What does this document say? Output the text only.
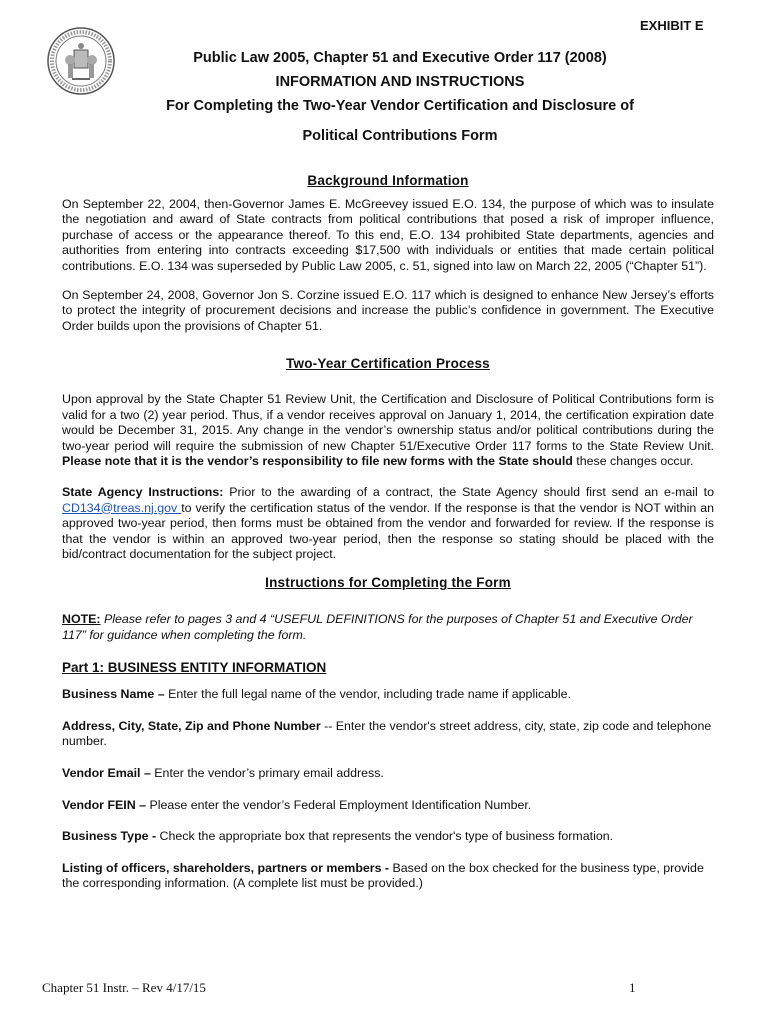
EXHIBIT E
Public Law 2005, Chapter 51 and Executive Order 117 (2008)
INFORMATION AND INSTRUCTIONS
For Completing the Two-Year Vendor Certification and Disclosure of
Political Contributions Form
Background Information

On September 22, 2004, then-Governor James E. McGreevey issued E.O. 134, the purpose of which was to insulate the negotiation and award of State contracts from political contributions that posed a risk of improper influence, purchase of access or the appearance thereof. To this end, E.O. 134 prohibited State departments, agencies and authorities from entering into contracts exceeding $17,500 with individuals or entities that made certain political contributions. E.O. 134 was superseded by Public Law 2005, c. 51, signed into law on March 22, 2005 (“Chapter 51”).

On September 24, 2008, Governor Jon S. Corzine issued E.O. 117 which is designed to enhance New Jersey’s efforts to protect the integrity of procurement decisions and increase the public’s confidence in government. The Executive Order builds upon the provisions of Chapter 51.

Two-Year Certification Process

Upon approval by the State Chapter 51 Review Unit, the Certification and Disclosure of Political Contributions form is valid for a two (2) year period. Thus, if a vendor receives approval on January 1, 2014, the certification expiration date would be December 31, 2015. Any change in the vendor’s ownership status and/or political contributions during the two-year period will require the submission of new Chapter 51/Executive Order 117 forms to the State Review Unit. Please note that it is the vendor’s responsibility to file new forms with the State should these changes occur.

State Agency Instructions: Prior to the awarding of a contract, the State Agency should first send an e-mail to CD134@treas.nj.gov to verify the certification status of the vendor. If the response is that the vendor is NOT within an approved two-year period, then forms must be obtained from the vendor and forwarded for review. If the response is that the vendor is within an approved two-year period, then the response so stating should be placed with the bid/contract documentation for the subject project.

Instructions for Completing the Form

NOTE: Please refer to pages 3 and 4 “USEFUL DEFINITIONS for the purposes of Chapter 51 and Executive Order 117” for guidance when completing the form.

Part 1: BUSINESS ENTITY INFORMATION

Business Name – Enter the full legal name of the vendor, including trade name if applicable.

Address, City, State, Zip and Phone Number -- Enter the vendor's street address, city, state, zip code and telephone number.

Vendor Email – Enter the vendor’s primary email address.

Vendor FEIN – Please enter the vendor’s Federal Employment Identification Number.

Business Type - Check the appropriate box that represents the vendor's type of business formation.

Listing of officers, shareholders, partners or members - Based on the box checked for the business type, provide the corresponding information. (A complete list must be provided.)

Chapter 51 Instr. – Rev 4/17/15	1
